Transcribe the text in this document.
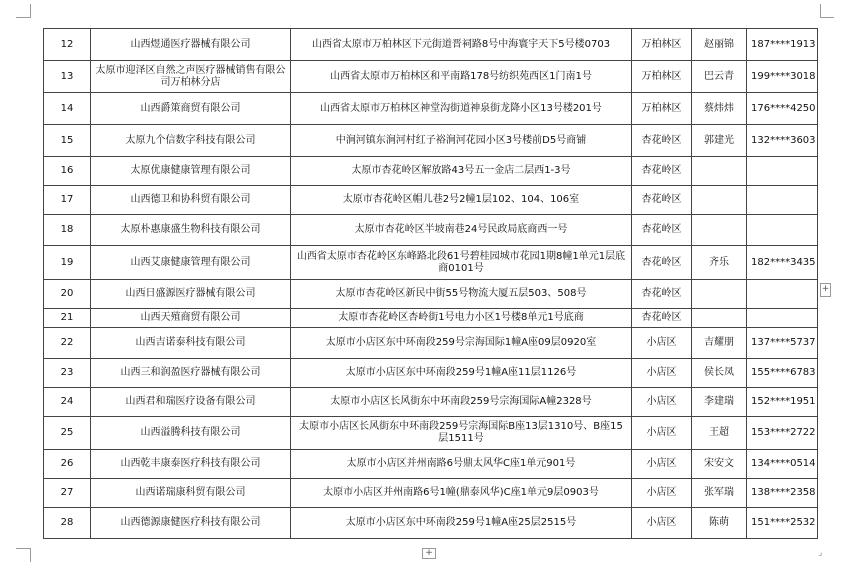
12	山西煜通医疗器械有限公司	山西省太原市万柏林区下元街道晋祠路8号中海寰宇天下5号楼0703	万柏林区	赵丽锦	187****1913
13	太原市迎泽区自然之声医疗器械销售有限公司万柏林分店	山西省太原市万柏林区和平南路178号纺织苑西区1门南1号	万柏林区	巴云青	199****3018
14	山西爵策商贸有限公司	山西省太原市万柏林区神堂沟街道神泉街龙降小区13号楼201号	万柏林区	蔡炜炜	176****4250
15	太原九个信数字科技有限公司	中涧河镇东涧河村红子裕涧河花园小区3号楼前D5号商铺	杏花岭区	郭建光	132****3603
16	太原优康健康管理有限公司	太原市杏花岭区解放路43号五一金店二层西1-3号	杏花岭区		
17	山西德卫和协科贸有限公司	太原市杏花岭区帽儿巷2号2幢1层102、104、106室	杏花岭区		
18	太原朴惠康盛生物科技有限公司	太原市杏花岭区半坡南巷24号民政局底商西一号	杏花岭区		
19	山西艾康健康管理有限公司	山西省太原市杏花岭区东峰路北段61号碧桂园城市花园1期8幢1单元1层底商0101号	杏花岭区	齐乐	182****3435
20	山西日盛源医疗器械有限公司	太原市杏花岭区新民中街55号物流大厦五层503、508号	杏花岭区		
21	山西天殖商贸有限公司	太原市杏花岭区杏岭街1号电力小区1号楼8单元1号底商	杏花岭区		
22	山西吉诺泰科技有限公司	太原市小店区东中环南段259号宗海国际1幢A座09层0920室	小店区	吉耀朋	137****5737
23	山西三和润盈医疗器械有限公司	太原市小店区东中环南段259号1幢A座11层1126号	小店区	侯长凤	155****6783
24	山西君和瑞医疗设备有限公司	太原市小店区长风街东中环南段259号宗海国际A幢2328号	小店区	李建瑞	152****1951
25	山西溢腾科技有限公司	太原市小店区长风街东中环南段259号宗海国际B座13层1310号、B座15层1511号	小店区	王超	153****2722
26	山西乾丰康泰医疗科技有限公司	太原市小店区并州南路6号鼎太风华C座1单元901号	小店区	宋安文	134****0514
27	山西诺瑞康科贸有限公司	太原市小店区并州南路6号1幢(鼎泰风华)C座1单元9层0903号	小店区	张军瑞	138****2358
28	山西德源康健医疗科技有限公司	太原市小店区东中环南段259号1幢A座25层2515号	小店区	陈萌	151****2532
+
+	⌟
